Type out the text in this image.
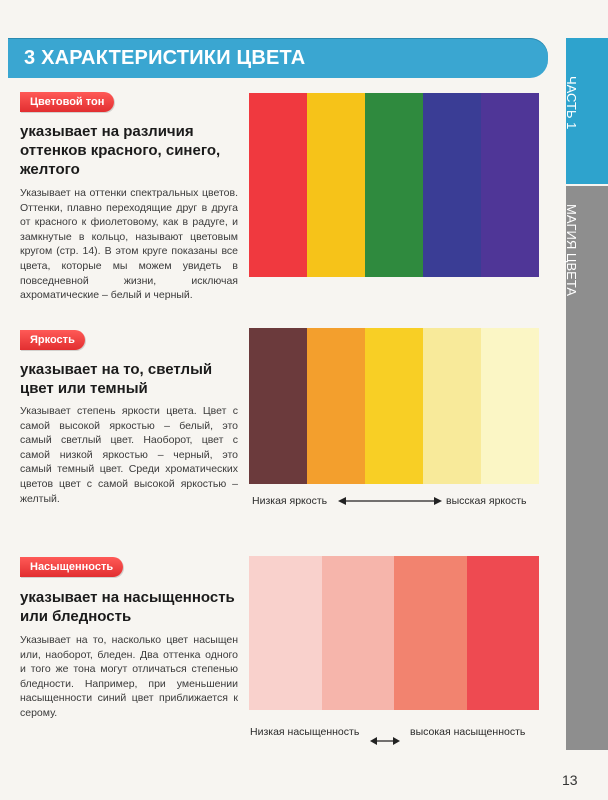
3 ХАРАКТЕРИСТИКИ ЦВЕТА
ЧАСТЬ 1
МАГИЯ ЦВЕТА
Цветовой тон
указывает на различия оттенков красного, синего, желтого
Указывает на оттенки спектральных цветов. Оттенки, плавно переходящие друг в друга от красного к фиолетовому, как в радуге, и замкнутые в кольцо, называют цветовым кругом (стр. 14). В этом круге показаны все цвета, которые мы можем увидеть в повседневной жизни, исключая ахроматические – белый и черный.
Яркость
указывает на то, светлый цвет или темный
Указывает степень яркости цвета. Цвет с самой высокой яркостью – белый, это самый светлый цвет. Наоборот, цвет с самой низкой яркостью – черный, это самый темный цвет. Среди хроматических цветов цвет с самой высокой яркостью – желтый.	Низкая яркость	высская яркость
Насыщенность
указывает на насыщенность или бледность
Указывает на то, насколько цвет насыщен или, наоборот, бледен. Два оттенка одного и того же тона могут отличаться степенью бледности. Например, при уменьшении насыщенности синий цвет приближается к серому.
Низкая насыщенность	высокая насыщенность
13
